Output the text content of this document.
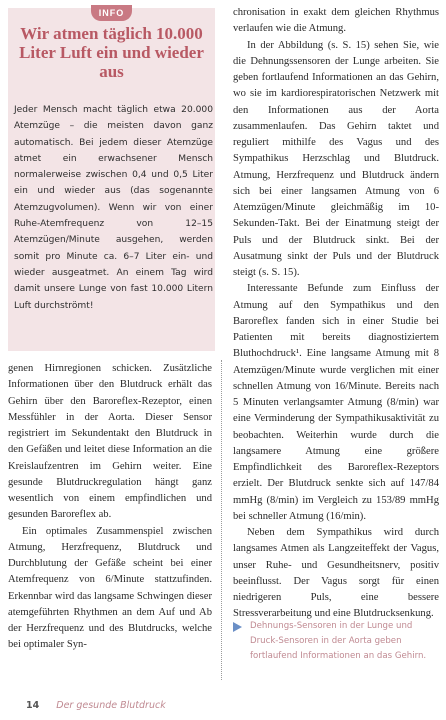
INFO
Wir atmen täglich 10.000 Liter Luft ein und wieder aus
Jeder Mensch macht täglich etwa 20.000 Atemzüge – die meisten davon ganz automatisch. Bei jedem dieser Atemzüge atmet ein erwachsener Mensch normalerweise zwischen 0,4 und 0,5 Liter ein und wieder aus (das sogenannte Atemzugvolumen). Wenn wir von einer Ruhe-Atemfrequenz von 12–15 Atemzügen/Minute ausgehen, werden somit pro Minute ca. 6–7 Liter ein- und wieder ausgeatmet. An einem Tag wird damit unsere Lunge von fast 10.000 Litern Luft durchströmt!

genen Hirnregionen schicken. Zusätzliche Informationen über den Blutdruck erhält das Gehirn über den Baroreflex-Rezeptor, einen Messfühler in der Aorta. Dieser Sensor registriert im Sekundentakt den Blutdruck in den Gefäßen und leitet diese Information an die Kreislaufzentren im Gehirn weiter. Eine gesunde Blutdruckregulation hängt ganz wesentlich von einem empfindlichen und gesunden Baroreflex ab.

Ein optimales Zusammenspiel zwischen Atmung, Herzfrequenz, Blutdruck und Durchblutung der Gefäße scheint bei einer Atemfrequenz von 6/Minute stattzufinden. Erkennbar wird das langsame Schwingen dieser atemgeführten Rhythmen an dem Auf und Ab der Herzfrequenz und des Blutdrucks, welche bei optimaler Syn-

chronisation in exakt dem gleichen Rhythmus verlaufen wie die Atmung.

In der Abbildung (s. S. 15) sehen Sie, wie die Dehnungssensoren der Lunge arbeiten. Sie geben fortlaufend Informationen an das Gehirn, wo sie im kardiorespiratorischen Netzwerk mit den Informationen aus der Aorta zusammenlaufen. Das Gehirn taktet und reguliert mithilfe des Vagus und des Sympathikus Herzschlag und Blutdruck. Atmung, Herzfrequenz und Blutdruck ändern sich bei einer langsamen Atmung von 6 Atemzügen/Minute gleichmäßig im 10-Sekunden-Takt. Bei der Einatmung steigt der Puls und der Blutdruck sinkt. Bei der Ausatmung sinkt der Puls und der Blutdruck steigt (s. S. 15).

Interessante Befunde zum Einfluss der Atmung auf den Sympathikus und den Baroreflex fanden sich in einer Studie bei Patienten mit bereits diagnostiziertem Bluthochdruck¹. Eine langsame Atmung mit 8 Atemzügen/Minute wurde verglichen mit einer schnellen Atmung von 16/Minute. Bereits nach 5 Minuten verlangsamter Atmung (8/min) war eine Verminderung der Sympathikusaktivität zu beobachten. Weiterhin wurde durch die langsamere Atmung eine größere Empfindlichkeit des Baroreflex-Rezeptors erzielt. Der Blutdruck senkte sich auf 147/84 mmHg (8/min) im Vergleich zu 153/89 mmHg bei schneller Atmung (16/min).

Neben dem Sympathikus wird durch langsames Atmen als Langzeiteffekt der Vagus, unser Ruhe- und Gesundheitsnerv, positiv beeinflusst. Der Vagus sorgt für einen niedrigeren Puls, eine bessere Stressverarbeitung und eine Blutdrucksenkung.

Dehnungs-Sensoren in der Lunge und Druck-Sensoren in der Aorta geben fortlaufend Informationen an das Gehirn.
14 Der gesunde Blutdruck
